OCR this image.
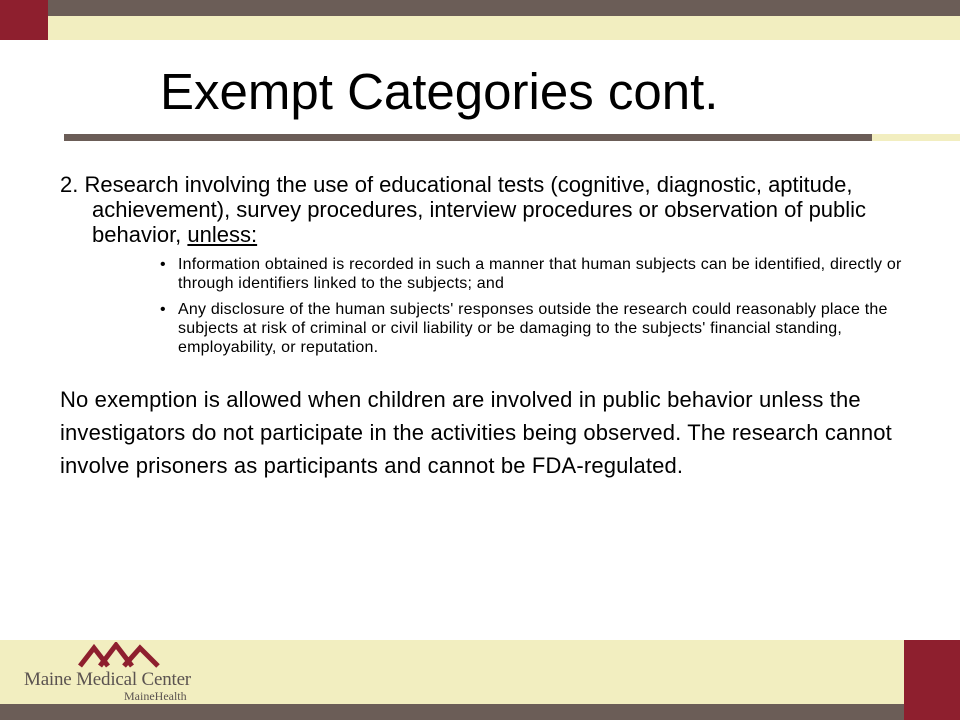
Exempt Categories cont.

2. Research involving the use of educational tests (cognitive, diagnostic, aptitude, achievement), survey procedures, interview procedures or observation of public behavior, unless:

• Information obtained is recorded in such a manner that human subjects can be identified, directly or through identifiers linked to the subjects; and
• Any disclosure of the human subjects' responses outside the research could reasonably place the subjects at risk of criminal or civil liability or be damaging to the subjects' financial standing, employability, or reputation.

No exemption is allowed when children are involved in public behavior unless the investigators do not participate in the activities being observed. The research cannot involve prisoners as participants and cannot be FDA-regulated.

Maine Medical Center
MaineHealth
